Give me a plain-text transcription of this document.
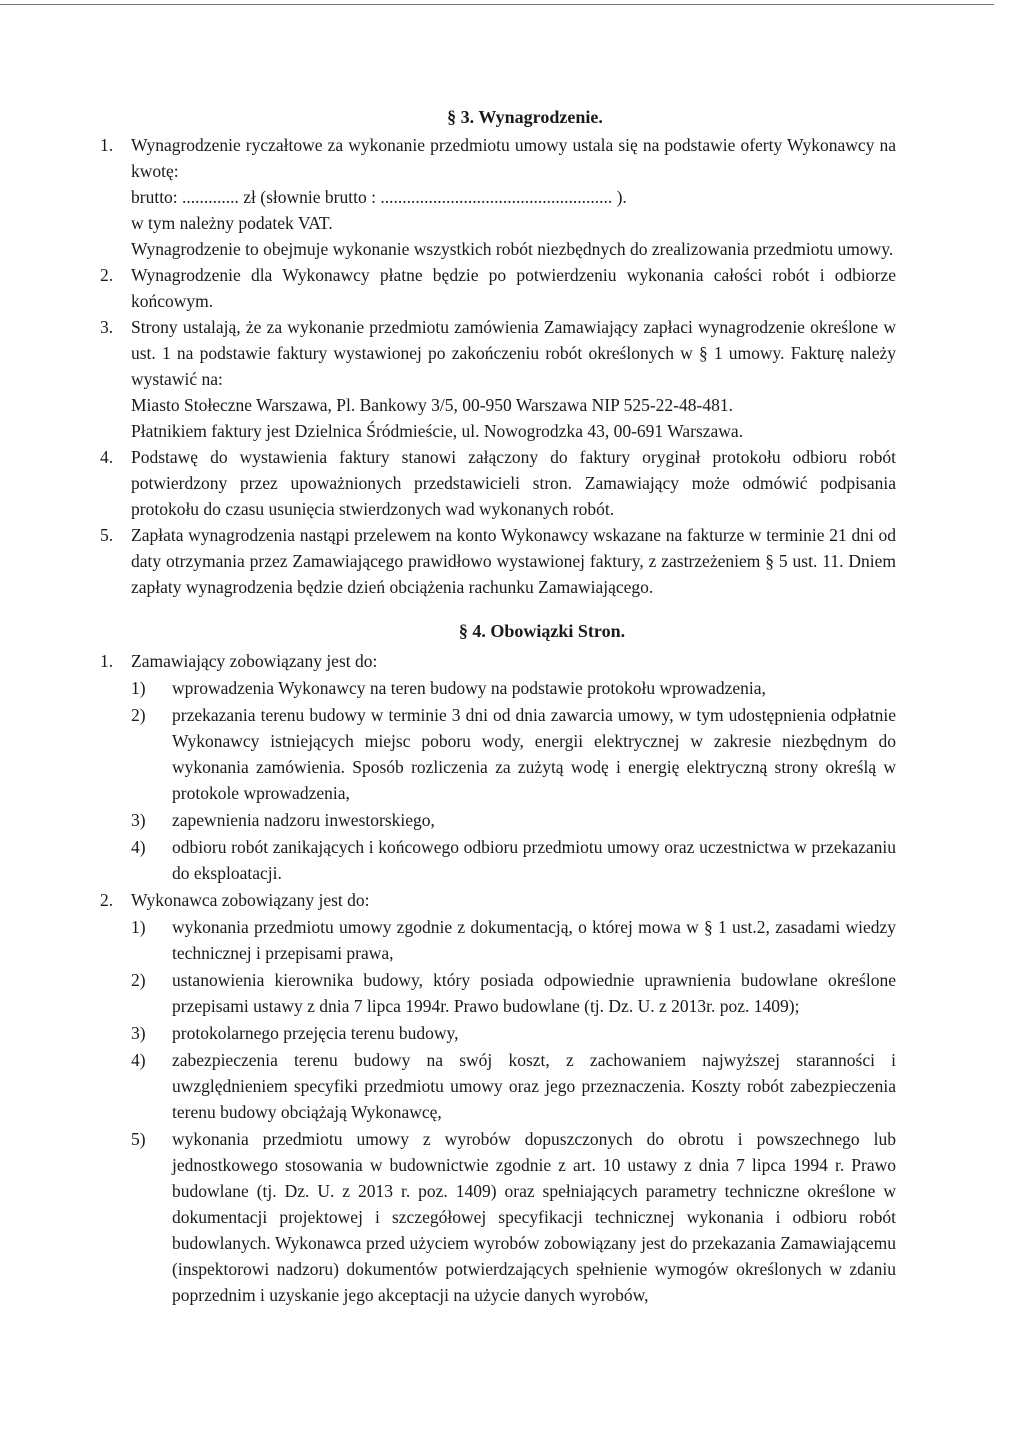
§ 3. Wynagrodzenie.
1. Wynagrodzenie ryczałtowe za wykonanie przedmiotu umowy ustala się na podstawie oferty Wykonawcy na kwotę:

brutto: ............. zł (słownie brutto : ..................................................... ).

w tym należny podatek VAT.

Wynagrodzenie to obejmuje wykonanie wszystkich robót niezbędnych do zrealizowania przedmiotu umowy.

2. Wynagrodzenie dla Wykonawcy płatne będzie po potwierdzeniu wykonania całości robót i odbiorze końcowym.

3. Strony ustalają, że za wykonanie przedmiotu zamówienia Zamawiający zapłaci wynagrodzenie określone w ust. 1 na podstawie faktury wystawionej po zakończeniu robót określonych w § 1 umowy. Fakturę należy wystawić na:

Miasto Stołeczne Warszawa, Pl. Bankowy 3/5, 00-950 Warszawa NIP 525-22-48-481.

Płatnikiem faktury jest Dzielnica Śródmieście, ul. Nowogrodzka 43, 00-691 Warszawa.

4. Podstawę do wystawienia faktury stanowi załączony do faktury oryginał protokołu odbioru robót potwierdzony przez upoważnionych przedstawicieli stron. Zamawiający może odmówić podpisania protokołu do czasu usunięcia stwierdzonych wad wykonanych robót.

5. Zapłata wynagrodzenia nastąpi przelewem na konto Wykonawcy wskazane na fakturze w terminie 21 dni od daty otrzymania przez Zamawiającego prawidłowo wystawionej faktury, z zastrzeżeniem § 5 ust. 11. Dniem zapłaty wynagrodzenia będzie dzień obciążenia rachunku Zamawiającego.

§ 4. Obowiązki Stron.
1. Zamawiający zobowiązany jest do:

1) wprowadzenia Wykonawcy na teren budowy na podstawie protokołu wprowadzenia,
2) przekazania terenu budowy w terminie 3 dni od dnia zawarcia umowy, w tym udostępnienia odpłatnie Wykonawcy istniejących miejsc poboru wody, energii elektrycznej w zakresie niezbędnym do wykonania zamówienia. Sposób rozliczenia za zużytą wodę i energię elektryczną strony określą w protokole wprowadzenia,
3) zapewnienia nadzoru inwestorskiego,
4) odbioru robót zanikających i końcowego odbioru przedmiotu umowy oraz uczestnictwa w przekazaniu do eksploatacji.
2. Wykonawca zobowiązany jest do:

1) wykonania przedmiotu umowy zgodnie z dokumentacją, o której mowa w § 1 ust.2, zasadami wiedzy technicznej i przepisami prawa,
2) ustanowienia kierownika budowy, który posiada odpowiednie uprawnienia budowlane określone przepisami ustawy z dnia 7 lipca 1994r. Prawo budowlane (tj. Dz. U. z 2013r. poz. 1409);
3) protokolarnego przejęcia terenu budowy,
4) zabezpieczenia terenu budowy na swój koszt, z zachowaniem najwyższej staranności i uwzględnieniem specyfiki przedmiotu umowy oraz jego przeznaczenia. Koszty robót zabezpieczenia terenu budowy obciążają Wykonawcę,
5) wykonania przedmiotu umowy z wyrobów dopuszczonych do obrotu i powszechnego lub jednostkowego stosowania w budownictwie zgodnie z art. 10 ustawy z dnia 7 lipca 1994 r. Prawo budowlane (tj. Dz. U. z 2013 r. poz. 1409) oraz spełniających parametry techniczne określone w dokumentacji projektowej i szczegółowej specyfikacji technicznej wykonania i odbioru robót budowlanych. Wykonawca przed użyciem wyrobów zobowiązany jest do przekazania Zamawiającemu (inspektorowi nadzoru) dokumentów potwierdzających spełnienie wymogów określonych w zdaniu poprzednim i uzyskanie jego akceptacji na użycie danych wyrobów,
